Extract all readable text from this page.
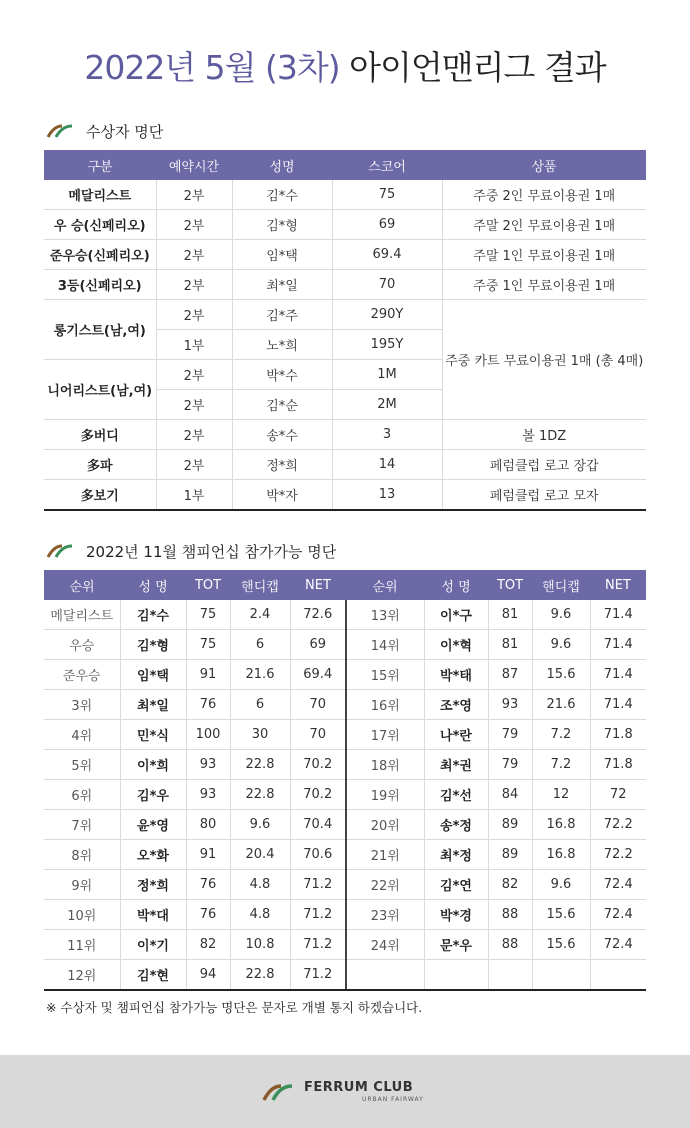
2022년 5월 (3차) 아이언맨리그 결과
수상자 명단
구분	예약시간	성명	스코어	상품
메달리스트	2부	김*수	75	주중 2인 무료이용권 1매
우 승(신페리오)	2부	김*형	69	주말 2인 무료이용권 1매
준우승(신페리오)	2부	임*택	69.4	주말 1인 무료이용권 1매
3등(신페리오)	2부	최*일	70	주중 1인 무료이용권 1매
롱기스트(남,여)	2부	김*주	290Y	주중 카트 무료이용권 1매 (총 4매)
	1부	노*희	195Y	
니어리스트(남,여)	2부	박*수	1M	
	2부	김*순	2M	
多버디	2부	송*수	3	볼 1DZ
多파	2부	정*희	14	페럼클럽 로고 장갑
多보기	1부	박*자	13	페럼클럽 로고 모자
2022년 11월 챔피언십 참가가능 명단
순위	성 명	TOT	핸디캡	NET	순위	성 명	TOT	핸디캡	NET
메달리스트	김*수	75	2.4	72.6	13위	이*구	81	9.6	71.4
우승	김*형	75	6	69	14위	이*혁	81	9.6	71.4
준우승	임*택	91	21.6	69.4	15위	박*태	87	15.6	71.4
3위	최*일	76	6	70	16위	조*영	93	21.6	71.4
4위	민*식	100	30	70	17위	나*란	79	7.2	71.8
5위	이*희	93	22.8	70.2	18위	최*권	79	7.2	71.8
6위	김*우	93	22.8	70.2	19위	김*선	84	12	72
7위	윤*영	80	9.6	70.4	20위	송*정	89	16.8	72.2
8위	오*화	91	20.4	70.6	21위	최*정	89	16.8	72.2
9위	정*희	76	4.8	71.2	22위	김*연	82	9.6	72.4
10위	박*대	76	4.8	71.2	23위	박*경	88	15.6	72.4
11위	이*기	82	10.8	71.2	24위	문*우	88	15.6	72.4
12위	김*현	94	22.8	71.2					
※ 수상자 및 챔피언십 참가가능 명단은 문자로 개별 통지 하겠습니다.
FERRUM CLUB
URBAN FAIRWAY
